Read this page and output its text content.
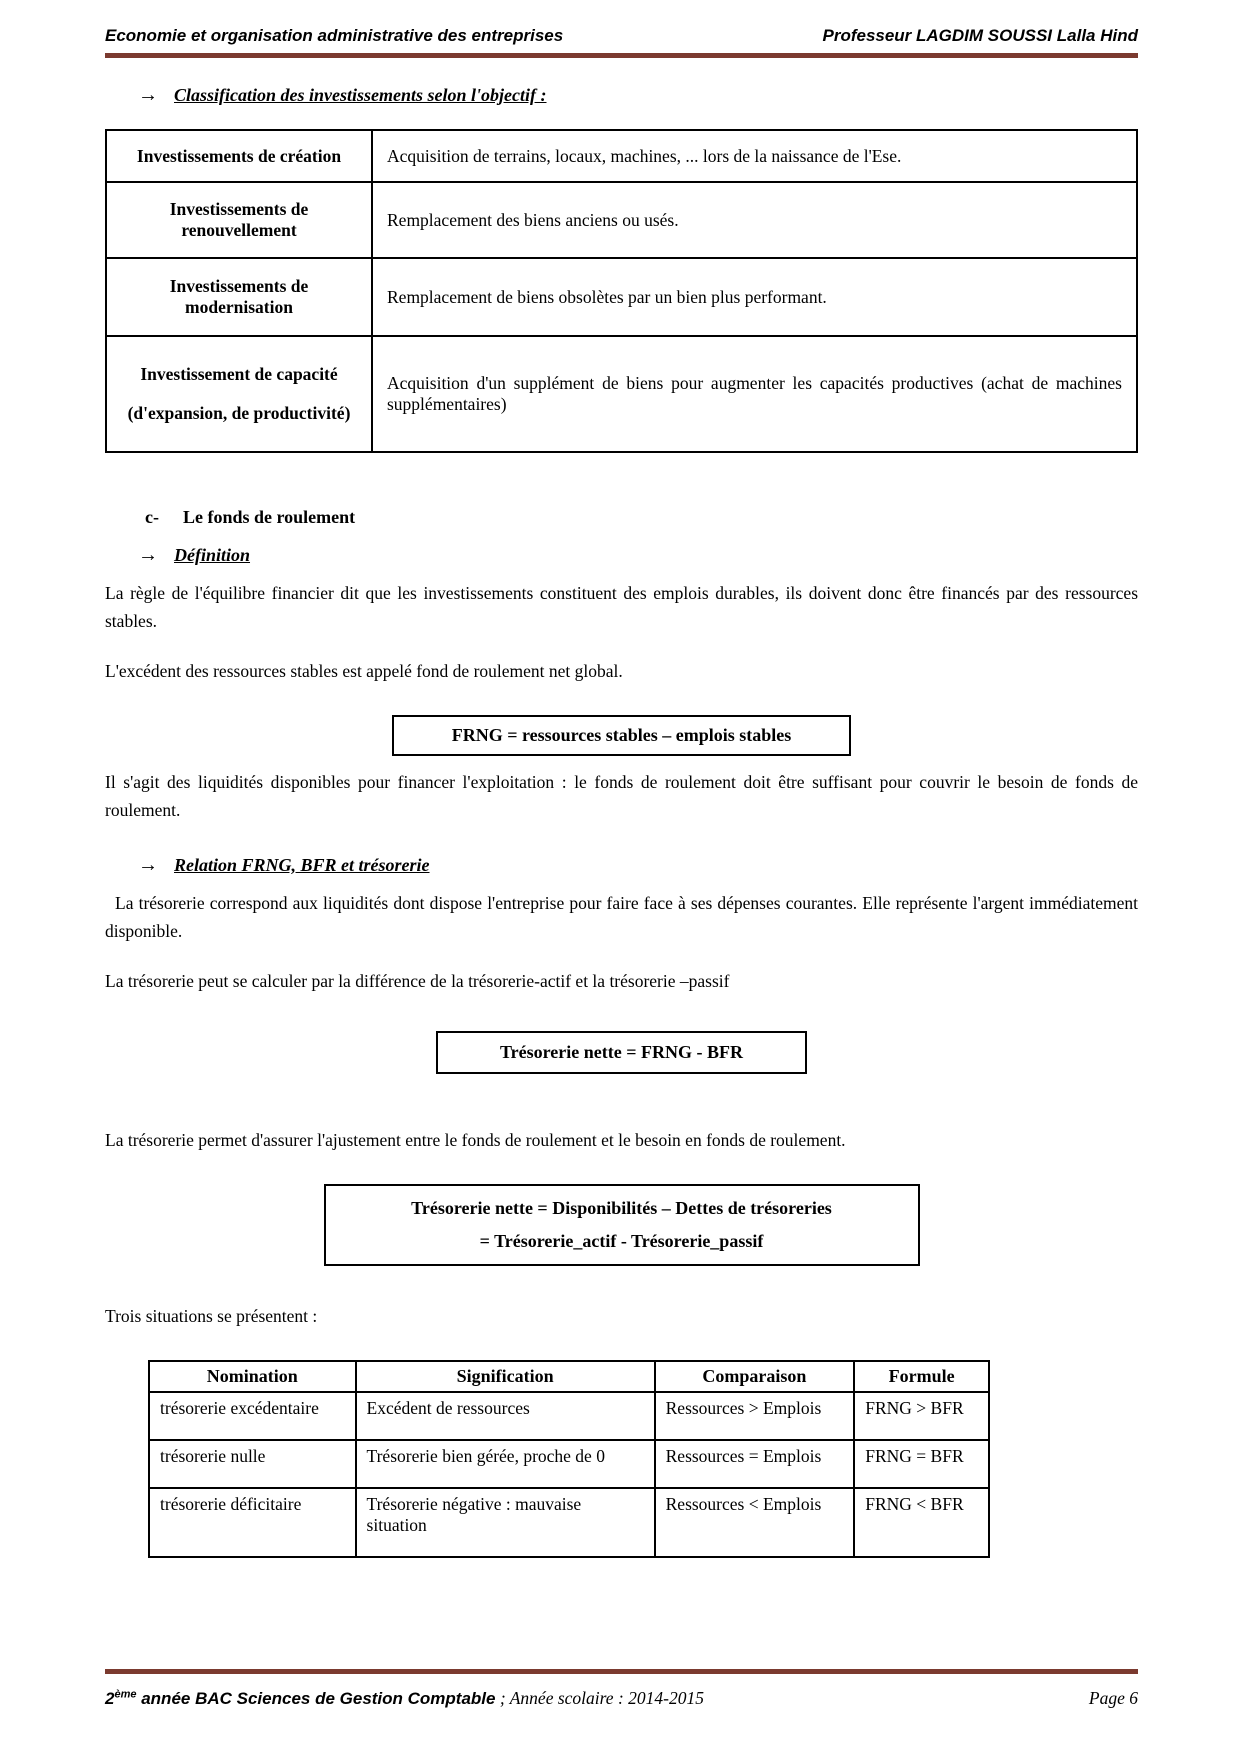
Economie et organisation administrative des entreprises	Professeur LAGDIM SOUSSI Lalla Hind
→ Classification des investissements selon l'objectif :
Investissements de création	Acquisition de terrains, locaux, machines, ... lors de la naissance de l'Ese.
Investissements de renouvellement	Remplacement des biens anciens ou usés.
Investissements de modernisation	Remplacement de biens obsolètes par un bien plus performant.

Investissement de capacité
(d'expansion, de productivité)	Acquisition d'un supplément de biens pour augmenter les capacités productives (achat de machines supplémentaires)
c- Le fonds de roulement
→ Définition

La règle de l'équilibre financier dit que les investissements constituent des emplois durables, ils doivent donc être financés par des ressources stables.

L'excédent des ressources stables est appelé fond de roulement net global.

FRNG = ressources stables – emplois stables

Il s'agit des liquidités disponibles pour financer l'exploitation : le fonds de roulement doit être suffisant pour couvrir le besoin de fonds de roulement.

→ Relation FRNG, BFR et trésorerie

La trésorerie correspond aux liquidités dont dispose l'entreprise pour faire face à ses dépenses courantes. Elle représente l'argent immédiatement disponible.

La trésorerie peut se calculer par la différence de la trésorerie-actif et la trésorerie –passif

Trésorerie nette = FRNG - BFR

La trésorerie permet d'assurer l'ajustement entre le fonds de roulement et le besoin en fonds de roulement.

Trésorerie nette = Disponibilités – Dettes de trésoreries
= Trésorerie_actif - Trésorerie_passif

Trois situations se présentent :

Nomination	Signification	Comparaison	Formule
trésorerie excédentaire	Excédent de ressources	Ressources > Emplois	FRNG > BFR
trésorerie nulle	Trésorerie bien gérée, proche de 0	Ressources = Emplois	FRNG = BFR
trésorerie déficitaire	Trésorerie négative : mauvaise situation	Ressources < Emplois	FRNG < BFR
2ème année BAC Sciences de Gestion Comptable ; Année scolaire : 2014-2015	Page 6
